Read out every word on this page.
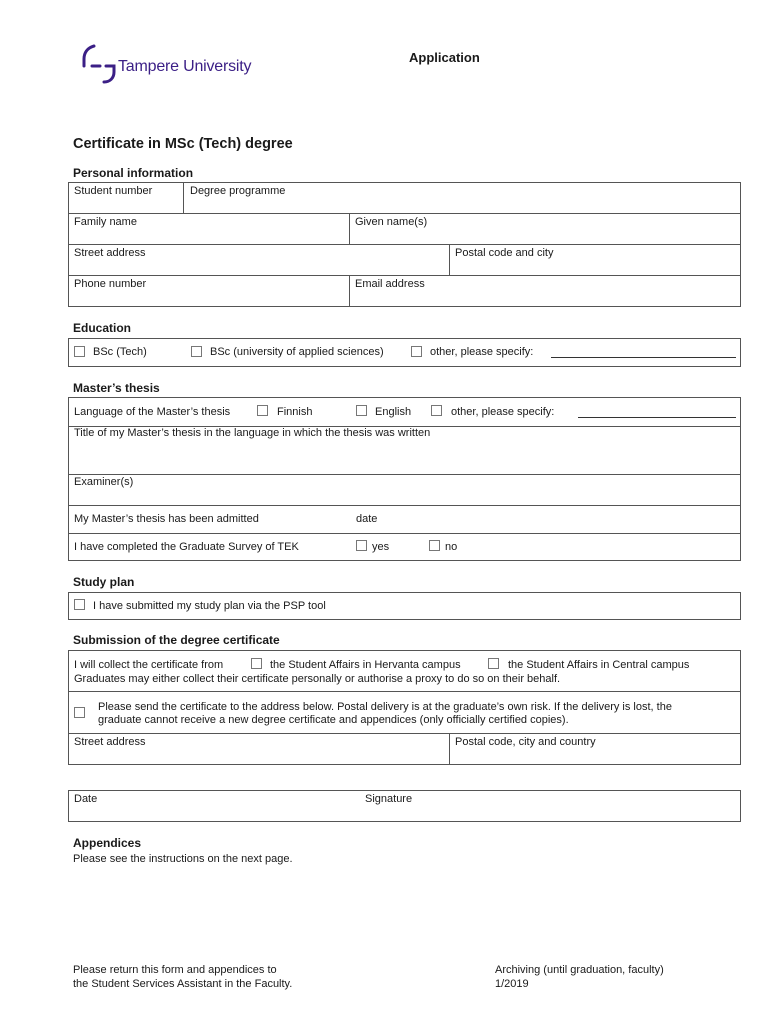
Tampere University
Application
Certificate in MSc (Tech) degree
Personal information
Student number	Degree programme
Family name	Given name(s)
Street address	Postal code and city
Phone number	Email address
Education
BSc (Tech)	BSc (university of applied sciences)	other, please specify:
Master’s thesis
Language of the Master’s thesis	Finnish	English	other, please specify:
Title of my Master’s thesis in the language in which the thesis was written
Examiner(s)
My Master’s thesis has been admitted	date
I have completed the Graduate Survey of TEK	yes	no
Study plan
I have submitted my study plan via the PSP tool
Submission of the degree certificate
I will collect the certificate from	the Student Affairs in Hervanta campus	the Student Affairs in Central campus
Graduates may either collect their certificate personally or authorise a proxy to do so on their behalf.
Please send the certificate to the address below. Postal delivery is at the graduate’s own risk. If the delivery is lost, the
graduate cannot receive a new degree certificate and appendices (only officially certified copies).
Street address	Postal code, city and country
Date	Signature
Appendices
Please see the instructions on the next page.
Please return this form and appendices to
the Student Services Assistant in the Faculty.
Archiving (until graduation, faculty)
1/2019
